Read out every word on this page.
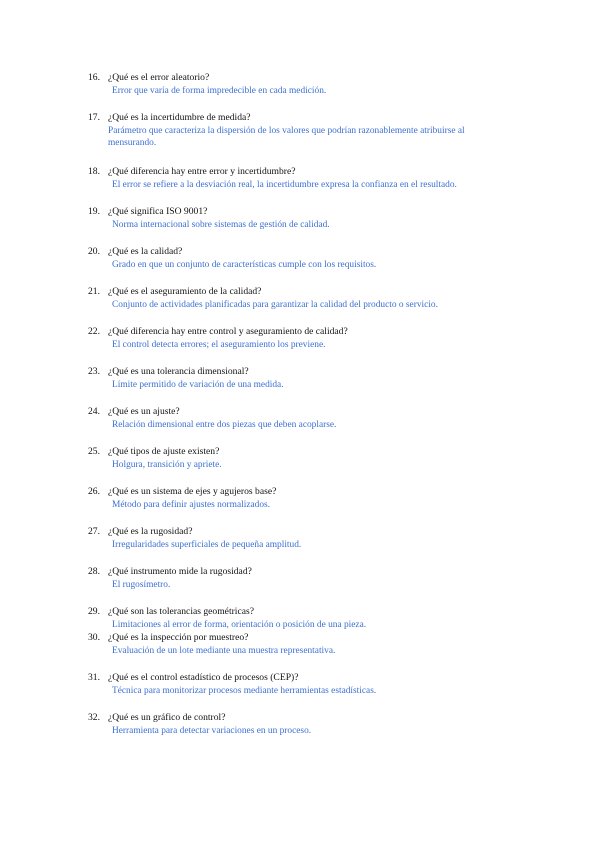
16. ¿Qué es el error aleatorio?
Error que varía de forma impredecible en cada medición.
17. ¿Qué es la incertidumbre de medida?
Parámetro que caracteriza la dispersión de los valores que podrían razonablemente atribuirse al mensurando.
18. ¿Qué diferencia hay entre error y incertidumbre?
El error se refiere a la desviación real, la incertidumbre expresa la confianza en el resultado.
19. ¿Qué significa ISO 9001?
Norma internacional sobre sistemas de gestión de calidad.
20. ¿Qué es la calidad?
Grado en que un conjunto de características cumple con los requisitos.
21. ¿Qué es el aseguramiento de la calidad?
Conjunto de actividades planificadas para garantizar la calidad del producto o servicio.
22. ¿Qué diferencia hay entre control y aseguramiento de calidad?
El control detecta errores; el aseguramiento los previene.
23. ¿Qué es una tolerancia dimensional?
Límite permitido de variación de una medida.
24. ¿Qué es un ajuste?
Relación dimensional entre dos piezas que deben acoplarse.
25. ¿Qué tipos de ajuste existen?
Holgura, transición y apriete.
26. ¿Qué es un sistema de ejes y agujeros base?
Método para definir ajustes normalizados.
27. ¿Qué es la rugosidad?
Irregularidades superficiales de pequeña amplitud.
28. ¿Qué instrumento mide la rugosidad?
El rugosímetro.
29. ¿Qué son las tolerancias geométricas?
Limitaciones al error de forma, orientación o posición de una pieza.
30. ¿Qué es la inspección por muestreo?
Evaluación de un lote mediante una muestra representativa.
31. ¿Qué es el control estadístico de procesos (CEP)?
Técnica para monitorizar procesos mediante herramientas estadísticas.
32. ¿Qué es un gráfico de control?
Herramienta para detectar variaciones en un proceso.
